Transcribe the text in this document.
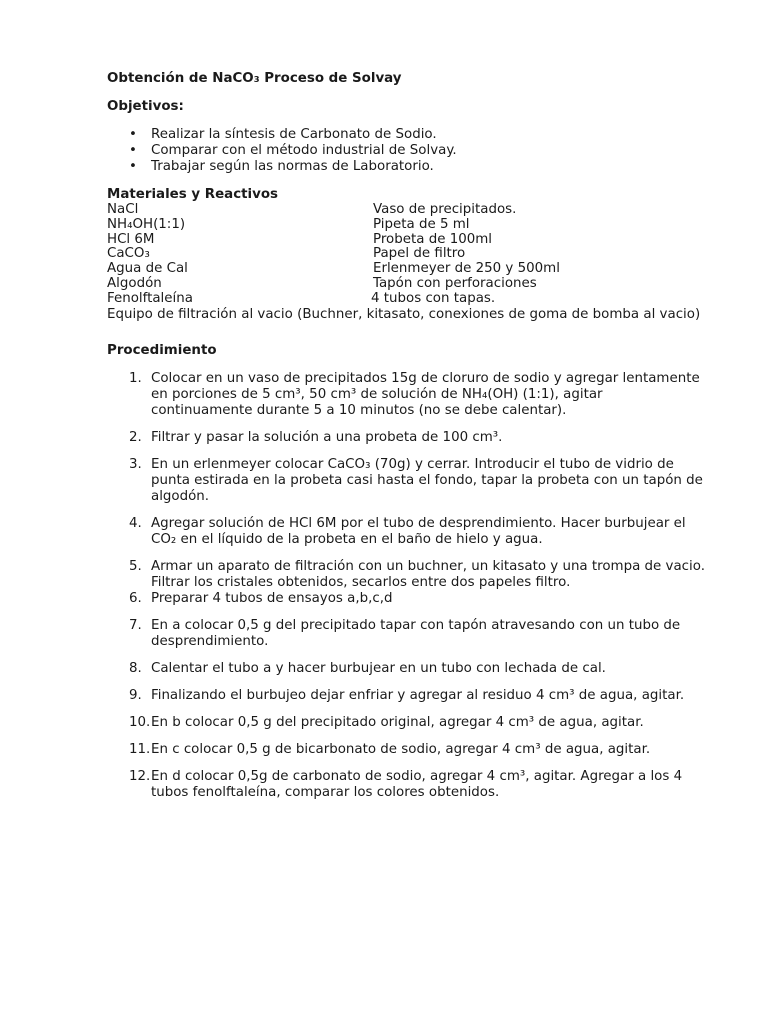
Obtención de NaCO₃ Proceso de Solvay
Objetivos:
• Realizar la síntesis de Carbonato de Sodio.
• Comparar con el método industrial de Solvay.
• Trabajar según las normas de Laboratorio.
Materiales y Reactivos
NaCl	Vaso de precipitados.
NH₄OH(1:1)	Pipeta de 5 ml
HCl 6M	Probeta de 100ml
CaCO₃	Papel de filtro
Agua de Cal	Erlenmeyer de 250 y 500ml
Algodón	Tapón con perforaciones
Fenolftaleína	4 tubos con tapas.
Equipo de filtración al vacio (Buchner, kitasato, conexiones de goma de bomba al vacio)
Procedimiento
1. Colocar en un vaso de precipitados 15g de cloruro de sodio y agregar lentamente en porciones de 5 cm³, 50 cm³ de solución de NH₄(OH) (1:1), agitar continuamente durante 5 a 10 minutos (no se debe calentar).
2. Filtrar y pasar la solución a una probeta de 100 cm³.
3. En un erlenmeyer colocar CaCO₃ (70g) y cerrar. Introducir el tubo de vidrio de punta estirada en la probeta casi hasta el fondo, tapar la probeta con un tapón de algodón.
4. Agregar solución de HCl 6M por el tubo de desprendimiento. Hacer burbujear el CO₂ en el líquido de la probeta en el baño de hielo y agua.
5. Armar un aparato de filtración con un buchner, un kitasato y una trompa de vacio. Filtrar los cristales obtenidos, secarlos entre dos papeles filtro.
6. Preparar 4 tubos de ensayos a,b,c,d
7. En a colocar 0,5 g del precipitado tapar con tapón atravesando con un tubo de desprendimiento.
8. Calentar el tubo a y hacer burbujear en un tubo con lechada de cal.
9. Finalizando el burbujeo dejar enfriar y agregar al residuo 4 cm³ de agua, agitar.
10. En b colocar 0,5 g del precipitado original, agregar 4 cm³ de agua, agitar.
11. En c colocar 0,5 g de bicarbonato de sodio, agregar 4 cm³ de agua, agitar.
12. En d colocar 0,5g de carbonato de sodio, agregar 4 cm³, agitar. Agregar a los 4 tubos fenolftaleína, comparar los colores obtenidos.
